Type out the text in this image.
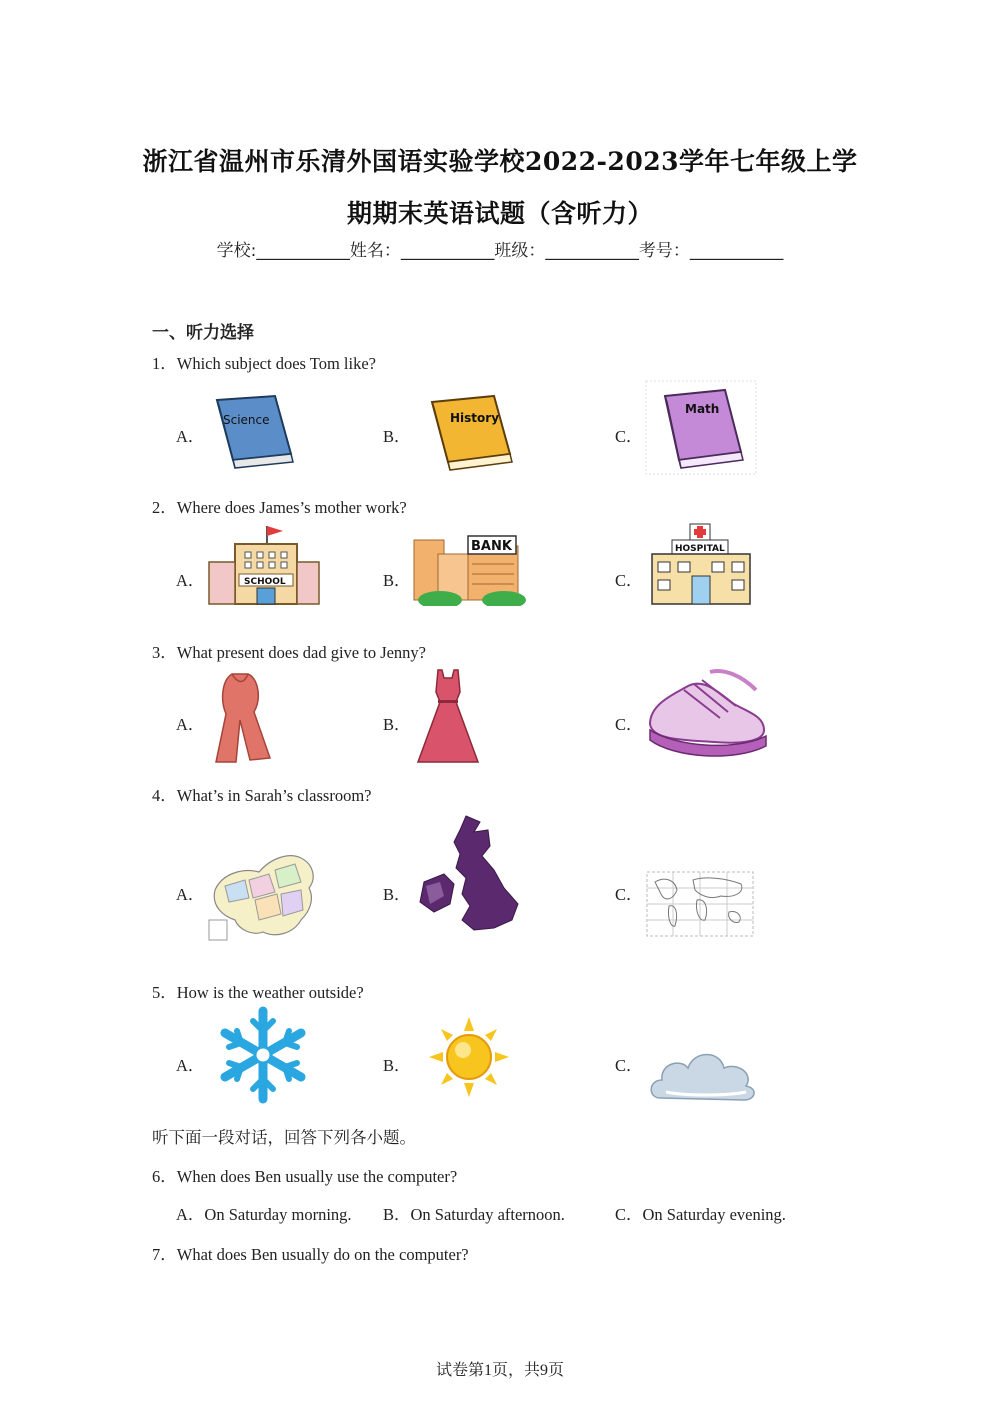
浙江省温州市乐清外国语实验学校2022-2023学年七年级上学
期期末英语试题（含听力）
学校:___________姓名：___________班级：___________考号：___________
一、听力选择
1．Which subject does Tom like?
A．	B．	C．
Science	History
Math
2．Where does James’s mother work?
A．	B．	C．
SCHOOL
BANK	HOSPITAL
3．What present does dad give to Jenny?
A．	B．	C．
4．What’s in Sarah’s classroom?
A．	B．	C．
5．How is the weather outside?
A．	B．	C．
听下面一段对话，回答下列各小题。
6．When does Ben usually use the computer?
A．On Saturday morning. B．On Saturday afternoon.	C．On Saturday evening.
7．What does Ben usually do on the computer?
试卷第1页，共9页
